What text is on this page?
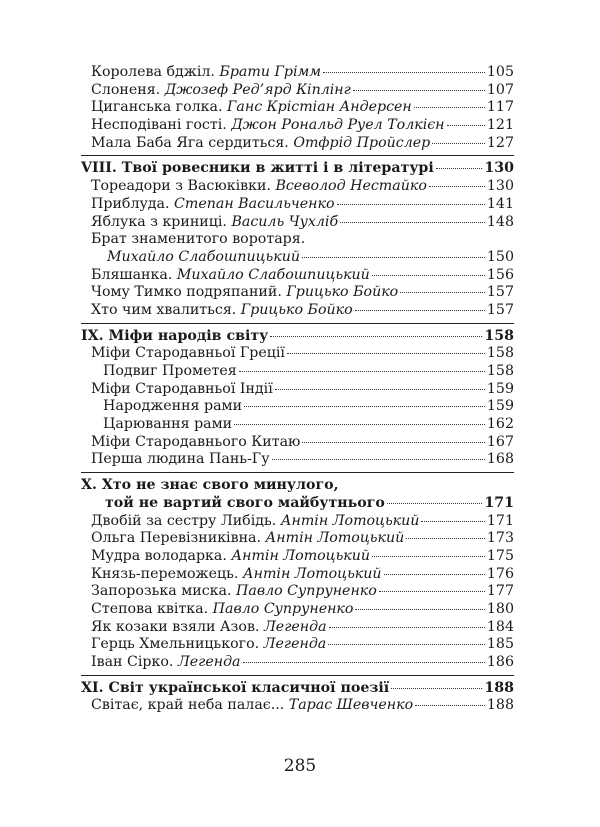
Королева бджіл. Брати Грімм	105
Слоненя. Джозеф Ред’ярд Кіплінг	107
Циганська голка. Ганс Крістіан Андерсен	117
Несподівані гості. Джон Рональд Руел Толкієн	121
Мала Баба Яга сердиться. Отфрід Пройслер	127
VIII. Твої ровесники в житті і в літературі	130
Тореадори з Васюківки. Всеволод Нестайко	130
Приблуда. Степан Васильченко	141
Яблука з криниці. Василь Чухліб	148
Брат знаменитого воротаря.
Михайло Слабошпицький	150
Бляшанка. Михайло Слабошпицький	156
Чому Тимко подряпаний. Грицько Бойко	157
Хто чим хвалиться. Грицько Бойко	157
IX. Міфи народів світу	158
Міфи Стародавньої Греції	158
Подвиг Прометея	158
Міфи Стародавньої Індії	159
Народження рами	159
Царювання рами	162
Міфи Стародавнього Китаю	167
Перша людина Пань-Гу	168
X. Хто не знає свого минулого,
той не вартий свого майбутнього	171
Двобій за сестру Либідь. Антін Лотоцький	171
Ольга Перевізниківна. Антін Лотоцький	173
Мудра володарка. Антін Лотоцький	175
Князь-переможець. Антін Лотоцький	176
Запорозька миска. Павло Супруненко	177
Степова квітка. Павло Супруненко	180
Як козаки взяли Азов. Легенда	184
Герць Хмельницького. Легенда	185
Іван Сірко. Легенда	186
XI. Світ української класичної поезії	188
Світає, край неба палає... Тарас Шевченко	188
285
